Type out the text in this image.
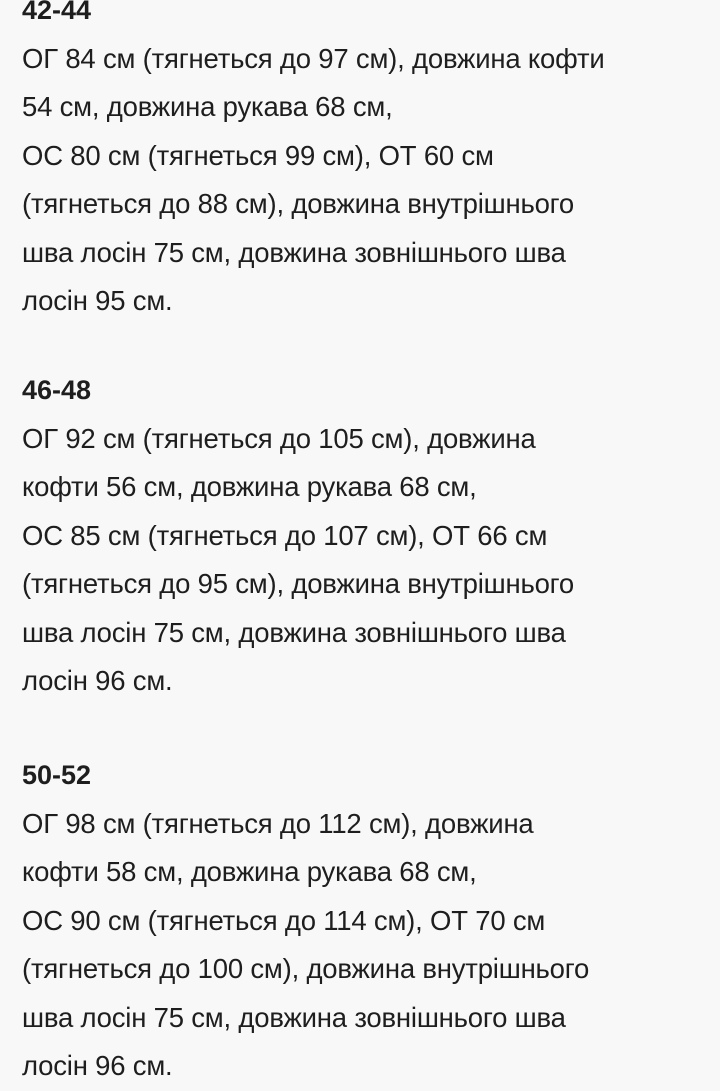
42-44
ОГ 84 см (тягнеться до 97 см), довжина кофти
54 см, довжина рукава 68 см,
ОС 80 см (тягнеться 99 см), ОТ 60 см
(тягнеться до 88 см), довжина внутрішнього
шва лосін 75 см, довжина зовнішнього шва
лосін 95 см.
46-48
ОГ 92 см (тягнеться до 105 см), довжина
кофти 56 см, довжина рукава 68 см,
ОС 85 см (тягнеться до 107 см), ОТ 66 см
(тягнеться до 95 см), довжина внутрішнього
шва лосін 75 см, довжина зовнішнього шва
лосін 96 см.
50-52
ОГ 98 см (тягнеться до 112 см), довжина
кофти 58 см, довжина рукава 68 см,
ОС 90 см (тягнеться до 114 см), ОТ 70 см
(тягнеться до 100 см), довжина внутрішнього
шва лосін 75 см, довжина зовнішнього шва
лосін 96 см.
